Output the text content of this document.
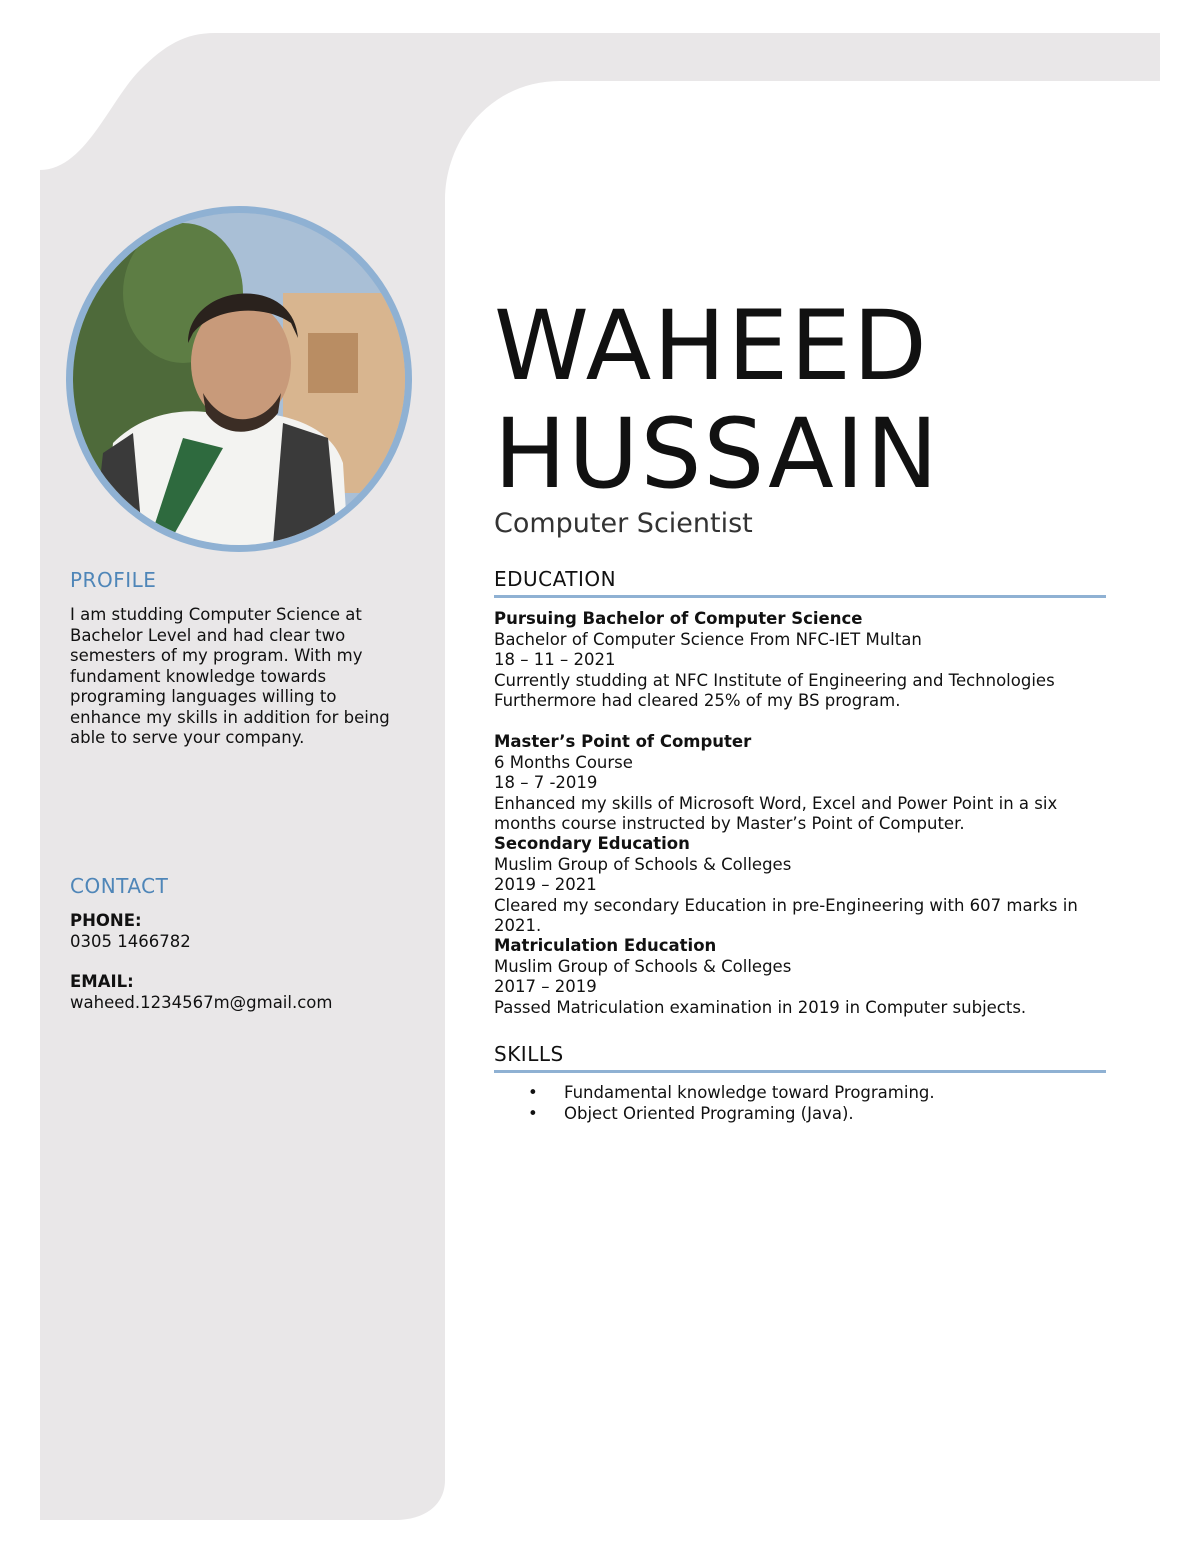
PROFILE
I am studding Computer Science at Bachelor Level and had clear two semesters of my program. With my fundament knowledge towards programing languages willing to enhance my skills in addition for being able to serve your company.
CONTACT
PHONE:
0305 1466782
EMAIL:
waheed.1234567m@gmail.com
WAHEED
HUSSAIN
Computer Scientist
EDUCATION
Pursuing Bachelor of Computer Science
Bachelor of Computer Science From NFC-IET Multan
18 – 11 – 2021
Currently studding at NFC Institute of Engineering and Technologies Furthermore had cleared 25% of my BS program.
Master’s Point of Computer
6 Months Course
18 – 7 -2019
Enhanced my skills of Microsoft Word, Excel and Power Point in a six months course instructed by Master’s Point of Computer.
Secondary Education
Muslim Group of Schools & Colleges
2019 – 2021
Cleared my secondary Education in pre-Engineering with 607 marks in 2021.
Matriculation Education
Muslim Group of Schools & Colleges
2017 – 2019
Passed Matriculation examination in 2019 in Computer subjects.
SKILLS
• Fundamental knowledge toward Programing.
• Object Oriented Programing (Java).
